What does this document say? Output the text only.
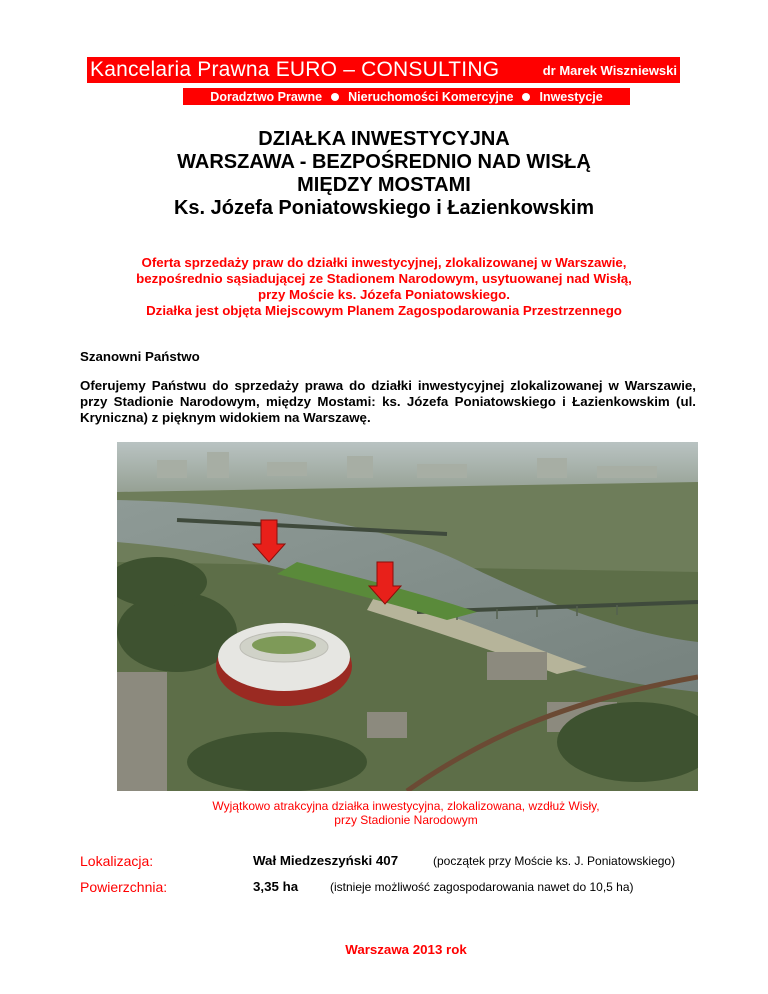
Kancelaria Prawna EURO – CONSULTING	dr Marek Wiszniewski
Doradztwo Prawne Nieruchomości Komercyjne Inwestycje
DZIAŁKA INWESTYCYJNA
WARSZAWA - BEZPOŚREDNIO NAD WISŁĄ
MIĘDZY MOSTAMI
Ks. Józefa Poniatowskiego i Łazienkowskim
Oferta sprzedaży praw do działki inwestycyjnej, zlokalizowanej w Warszawie,
bezpośrednio sąsiadującej ze Stadionem Narodowym, usytuowanej nad Wisłą,
przy Moście ks. Józefa Poniatowskiego.
Działka jest objęta Miejscowym Planem Zagospodarowania Przestrzennego
Szanowni Państwo
Oferujemy Państwu do sprzedaży prawa do działki inwestycyjnej zlokalizowanej w Warszawie, przy Stadionie Narodowym, między Mostami: ks. Józefa Poniatowskiego i Łazienkowskim (ul. Kryniczna) z pięknym widokiem na Warszawę.
Wyjątkowo atrakcyjna działka inwestycyjna, zlokalizowana, wzdłuż Wisły,
przy Stadionie Narodowym
Lokalizacja:	Wał Miedzeszyński 407	(początek przy Moście ks. J. Poniatowskiego)
Powierzchnia:	3,35 ha	(istnieje możliwość zagospodarowania nawet do 10,5 ha)
Warszawa 2013 rok
